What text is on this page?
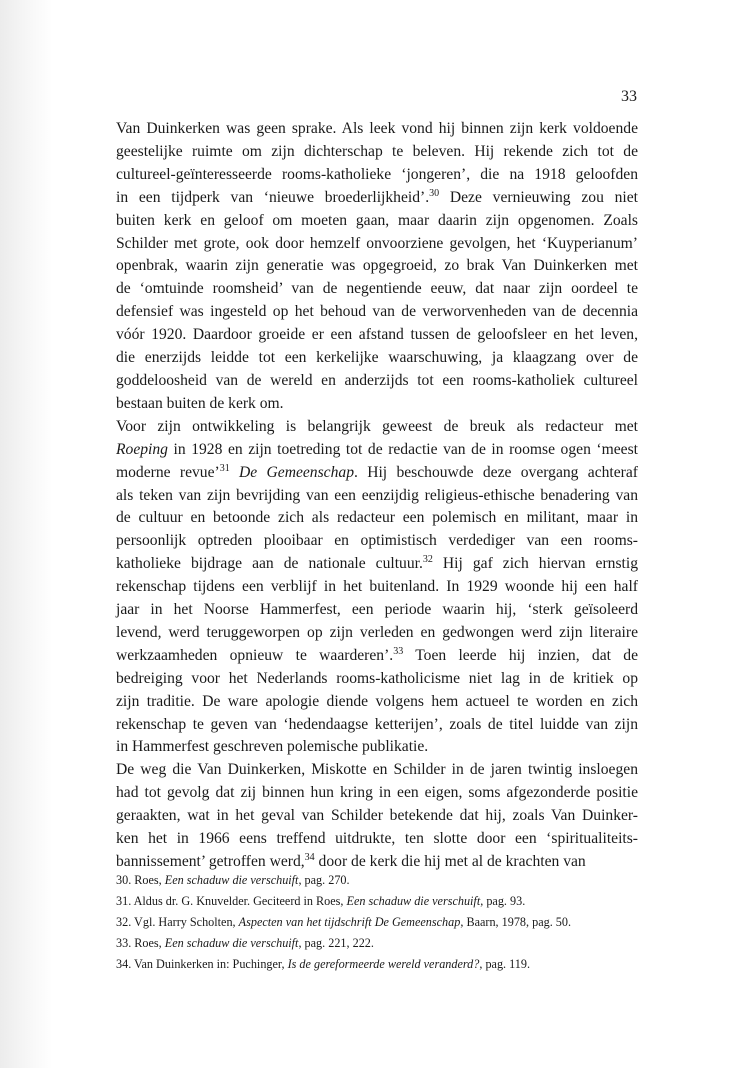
33
Van Duinkerken was geen sprake. Als leek vond hij binnen zijn kerk voldoende
geestelijke ruimte om zijn dichterschap te beleven. Hij rekende zich tot de
cultureel-geïnteresseerde rooms-katholieke ‘jongeren’, die na 1918 geloofden
in een tijdperk van ‘nieuwe broederlijkheid’.$^{30}$ Deze vernieuwing zou niet
buiten kerk en geloof om moeten gaan, maar daarin zijn opgenomen. Zoals
Schilder met grote, ook door hemzelf onvoorziene gevolgen, het ‘Kuyperianum’
openbrak, waarin zijn generatie was opgegroeid, zo brak Van Duinkerken met
de ‘omtuinde roomsheid’ van de negentiende eeuw, dat naar zijn oordeel te
defensief was ingesteld op het behoud van de verworvenheden van de decennia
vóór 1920. Daardoor groeide er een afstand tussen de geloofsleer en het leven,
die enerzijds leidde tot een kerkelijke waarschuwing, ja klaagzang over de
goddeloosheid van de wereld en anderzijds tot een rooms-katholiek cultureel
bestaan buiten de kerk om.
Voor zijn ontwikkeling is belangrijk geweest de breuk als redacteur met
Roeping in 1928 en zijn toetreding tot de redactie van de in roomse ogen ‘meest
moderne revue’$^{31}$ De Gemeenschap. Hij beschouwde deze overgang achteraf
als teken van zijn bevrijding van een eenzijdig religieus-ethische benadering van
de cultuur en betoonde zich als redacteur een polemisch en militant, maar in
persoonlijk optreden plooibaar en optimistisch verdediger van een rooms-
katholieke bijdrage aan de nationale cultuur.$^{32}$ Hij gaf zich hiervan ernstig
rekenschap tijdens een verblijf in het buitenland. In 1929 woonde hij een half
jaar in het Noorse Hammerfest, een periode waarin hij, ‘sterk geïsoleerd
levend, werd teruggeworpen op zijn verleden en gedwongen werd zijn literaire
werkzaamheden opnieuw te waarderen’.$^{33}$ Toen leerde hij inzien, dat de
bedreiging voor het Nederlands rooms-katholicisme niet lag in de kritiek op
zijn traditie. De ware apologie diende volgens hem actueel te worden en zich
rekenschap te geven van ‘hedendaagse ketterijen’, zoals de titel luidde van zijn
in Hammerfest geschreven polemische publikatie.
De weg die Van Duinkerken, Miskotte en Schilder in de jaren twintig insloegen
had tot gevolg dat zij binnen hun kring in een eigen, soms afgezonderde positie
geraakten, wat in het geval van Schilder betekende dat hij, zoals Van Duinker-
ken het in 1966 eens treffend uitdrukte, ten slotte door een ‘spiritualiteits-
bannissement’ getroffen werd,$^{34}$ door de kerk die hij met al de krachten van
30. Roes, Een schaduw die verschuift, pag. 270.
31. Aldus dr. G. Knuvelder. Geciteerd in Roes, Een schaduw die verschuift, pag. 93.
32. Vgl. Harry Scholten, Aspecten van het tijdschrift De Gemeenschap, Baarn, 1978, pag. 50.
33. Roes, Een schaduw die verschuift, pag. 221, 222.
34. Van Duinkerken in: Puchinger, Is de gereformeerde wereld veranderd?, pag. 119.
